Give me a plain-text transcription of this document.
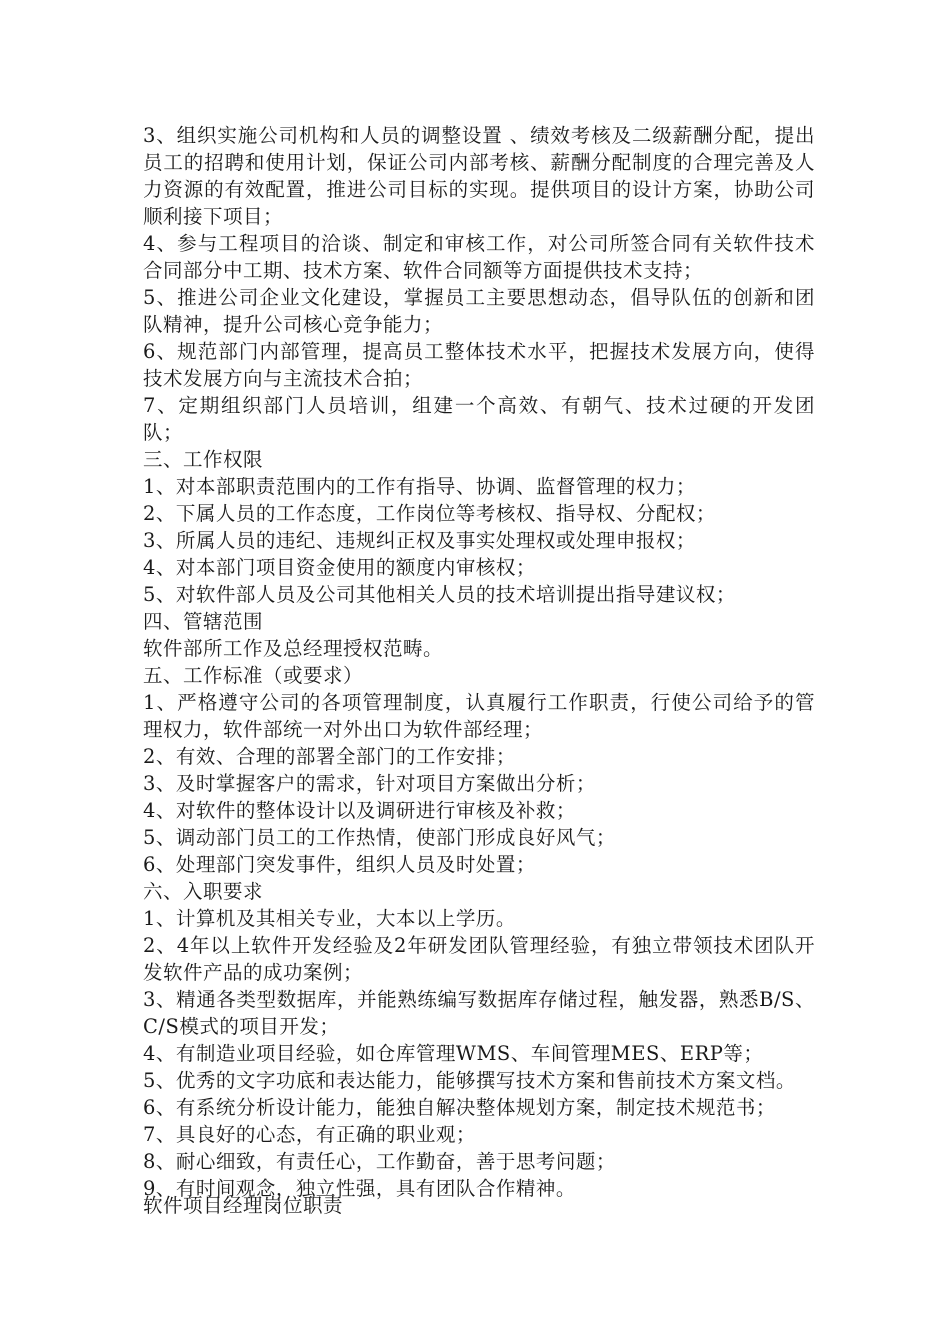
3、组织实施公司机构和人员的调整设置 、绩效考核及二级薪酬分配，提出员工的招聘和使用计划，保证公司内部考核、薪酬分配制度的合理完善及人力资源的有效配置，推进公司目标的实现。提供项目的设计方案，协助公司顺利接下项目；

4、参与工程项目的洽谈、制定和审核工作，对公司所签合同有关软件技术合同部分中工期、技术方案、软件合同额等方面提供技术支持；

5、推进公司企业文化建设，掌握员工主要思想动态，倡导队伍的创新和团队精神，提升公司核心竞争能力；

6、规范部门内部管理，提高员工整体技术水平，把握技术发展方向，使得技术发展方向与主流技术合拍；

7、定期组织部门人员培训，组建一个高效、有朝气、技术过硬的开发团队；

三、工作权限

1、对本部职责范围内的工作有指导、协调、监督管理的权力；

2、下属人员的工作态度，工作岗位等考核权、指导权、分配权；

3、所属人员的违纪、违规纠正权及事实处理权或处理申报权；

4、对本部门项目资金使用的额度内审核权；

5、对软件部人员及公司其他相关人员的技术培训提出指导建议权；

四、管辖范围

软件部所工作及总经理授权范畴。

五、工作标准（或要求）

1、严格遵守公司的各项管理制度，认真履行工作职责，行使公司给予的管理权力，软件部统一对外出口为软件部经理；

2、有效、合理的部署全部门的工作安排；

3、及时掌握客户的需求，针对项目方案做出分析；

4、对软件的整体设计以及调研进行审核及补救；

5、调动部门员工的工作热情，使部门形成良好风气；

6、处理部门突发事件，组织人员及时处置；

六、入职要求

1、计算机及其相关专业，大本以上学历。

2、4年以上软件开发经验及2年研发团队管理经验，有独立带领技术团队开发软件产品的成功案例；

3、精通各类型数据库，并能熟练编写数据库存储过程，触发器，熟悉B/S、C/S模式的项目开发；

4、有制造业项目经验，如仓库管理WMS、车间管理MES、ERP等；

5、优秀的文字功底和表达能力，能够撰写技术方案和售前技术方案文档。

6、有系统分析设计能力，能独自解决整体规划方案，制定技术规范书；

7、具良好的心态，有正确的职业观；

8、耐心细致，有责任心，工作勤奋，善于思考问题；

9、有时间观念，独立性强，具有团队合作精神。

软件项目经理岗位职责
